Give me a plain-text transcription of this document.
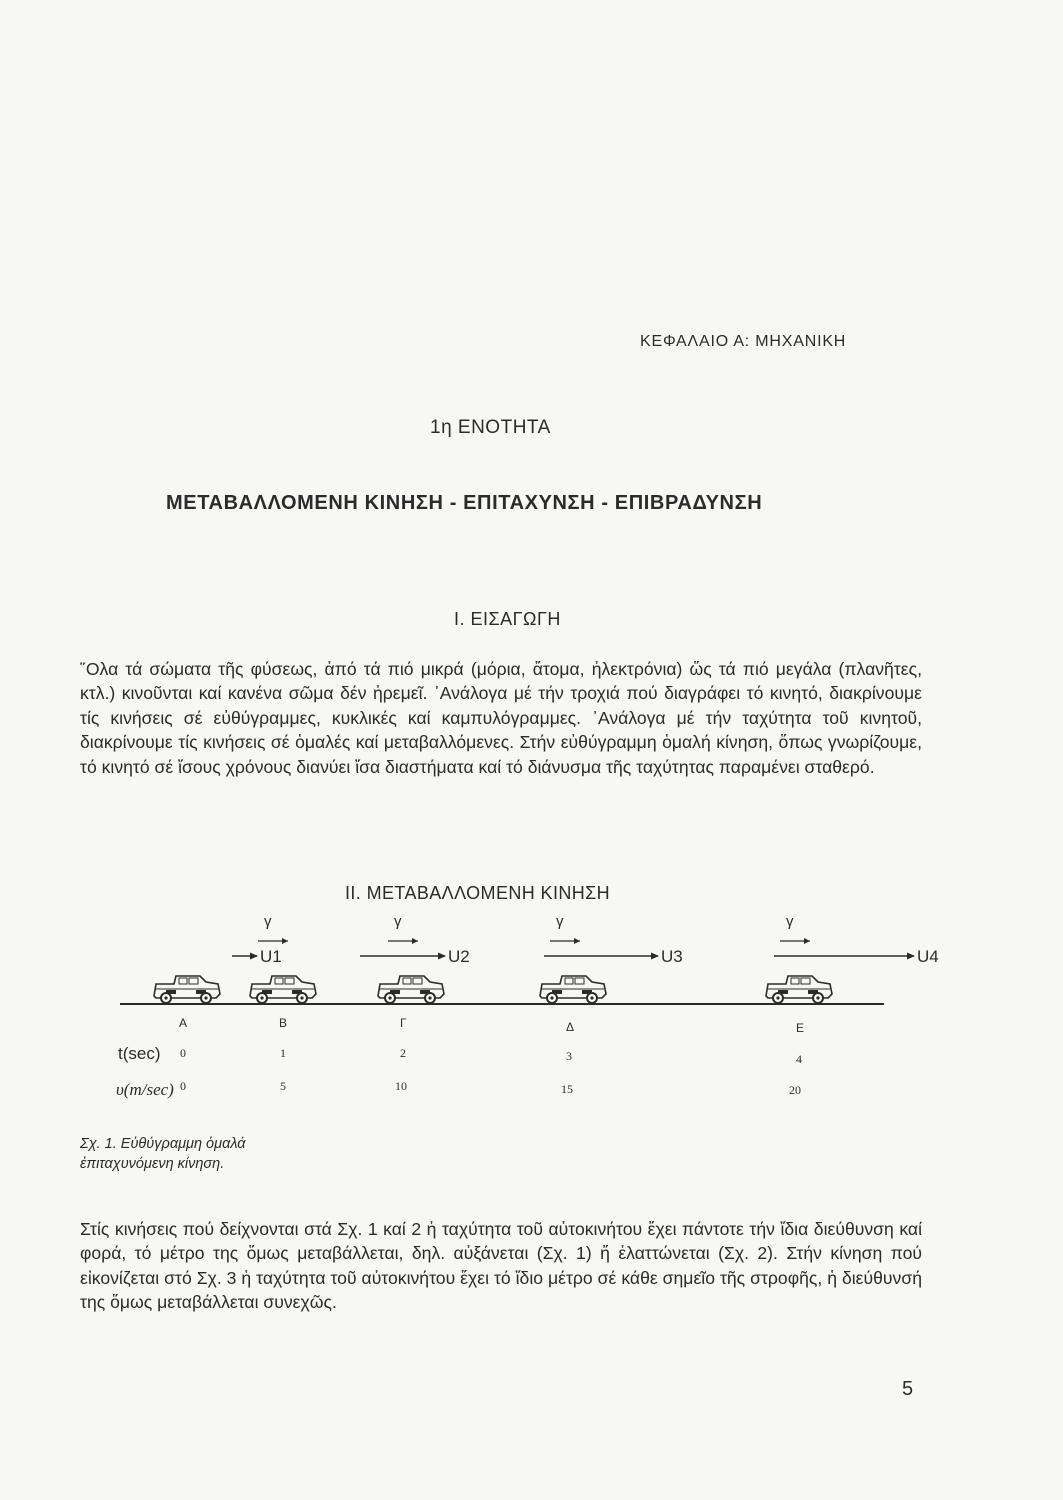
ΚΕΦΑΛΑΙΟ Α: ΜΗΧΑΝΙΚΗ
1η ΕΝΟΤΗΤΑ
ΜΕΤΑΒΑΛΛΟΜΕΝΗ ΚΙΝΗΣΗ - ΕΠΙΤΑΧΥΝΣΗ - ΕΠΙΒΡΑΔΥΝΣΗ
Ι. ΕΙΣΑΓΩΓΗ

῞Ολα τά σώματα τῆς φύσεως, ἀπό τά πιό μικρά (μόρια, ἄτομα, ἠλεκτρόνια) ὥς τά πιό μεγάλα (πλανῆτες, κτλ.) κινοῦνται καί κανένα σῶμα δέν ἠρεμεῖ. ᾿Ανάλογα μέ τήν τροχιά πού διαγράφει τό κινητό, διακρίνουμε τίς κινήσεις σέ εὐθύγραμμες, κυκλικές καί καμπυλόγραμμες. ᾿Ανάλογα μέ τήν ταχύτητα τοῦ κινητοῦ, διακρίνουμε τίς κινήσεις σέ ὁμαλές καί μεταβαλλόμενες. Στήν εὐθύγραμμη ὁμαλή κίνηση, ὅπως γνωρίζουμε, τό κινητό σέ ἴσους χρόνους διανύει ἴσα διαστήματα καί τό διάνυσμα τῆς ταχύτητας παραμένει σταθερό.

ΙΙ. ΜΕΤΑΒΑΛΛΟΜΕΝΗ ΚΙΝΗΣΗ
γ	γ	γ	γ
U1	U2	U3	U4
Α	Β	Γ	Δ	Ε
t(sec) 0	1	2	3	4
υ(m/sec) 0	5	10	15	20
Σχ. 1. Εὐθύγραμμη ὁμαλά ἐπιταχυνόμενη κίνηση.

Στίς κινήσεις πού δείχνονται στά Σχ. 1 καί 2 ἡ ταχύτητα τοῦ αὐτοκινήτου ἔχει πάντοτε τήν ἴδια διεύθυνση καί φορά, τό μέτρο της ὅμως μεταβάλλεται, δηλ. αὐξάνεται (Σχ. 1) ἤ ἐλαττώνεται (Σχ. 2). Στήν κίνηση πού εἰκονίζεται στό Σχ. 3 ἡ ταχύτητα τοῦ αὐτοκινήτου ἔχει τό ἴδιο μέτρο σέ κάθε σημεῖο τῆς στροφῆς, ἡ διεύθυνσή της ὅμως μεταβάλλεται συνεχῶς.

5
